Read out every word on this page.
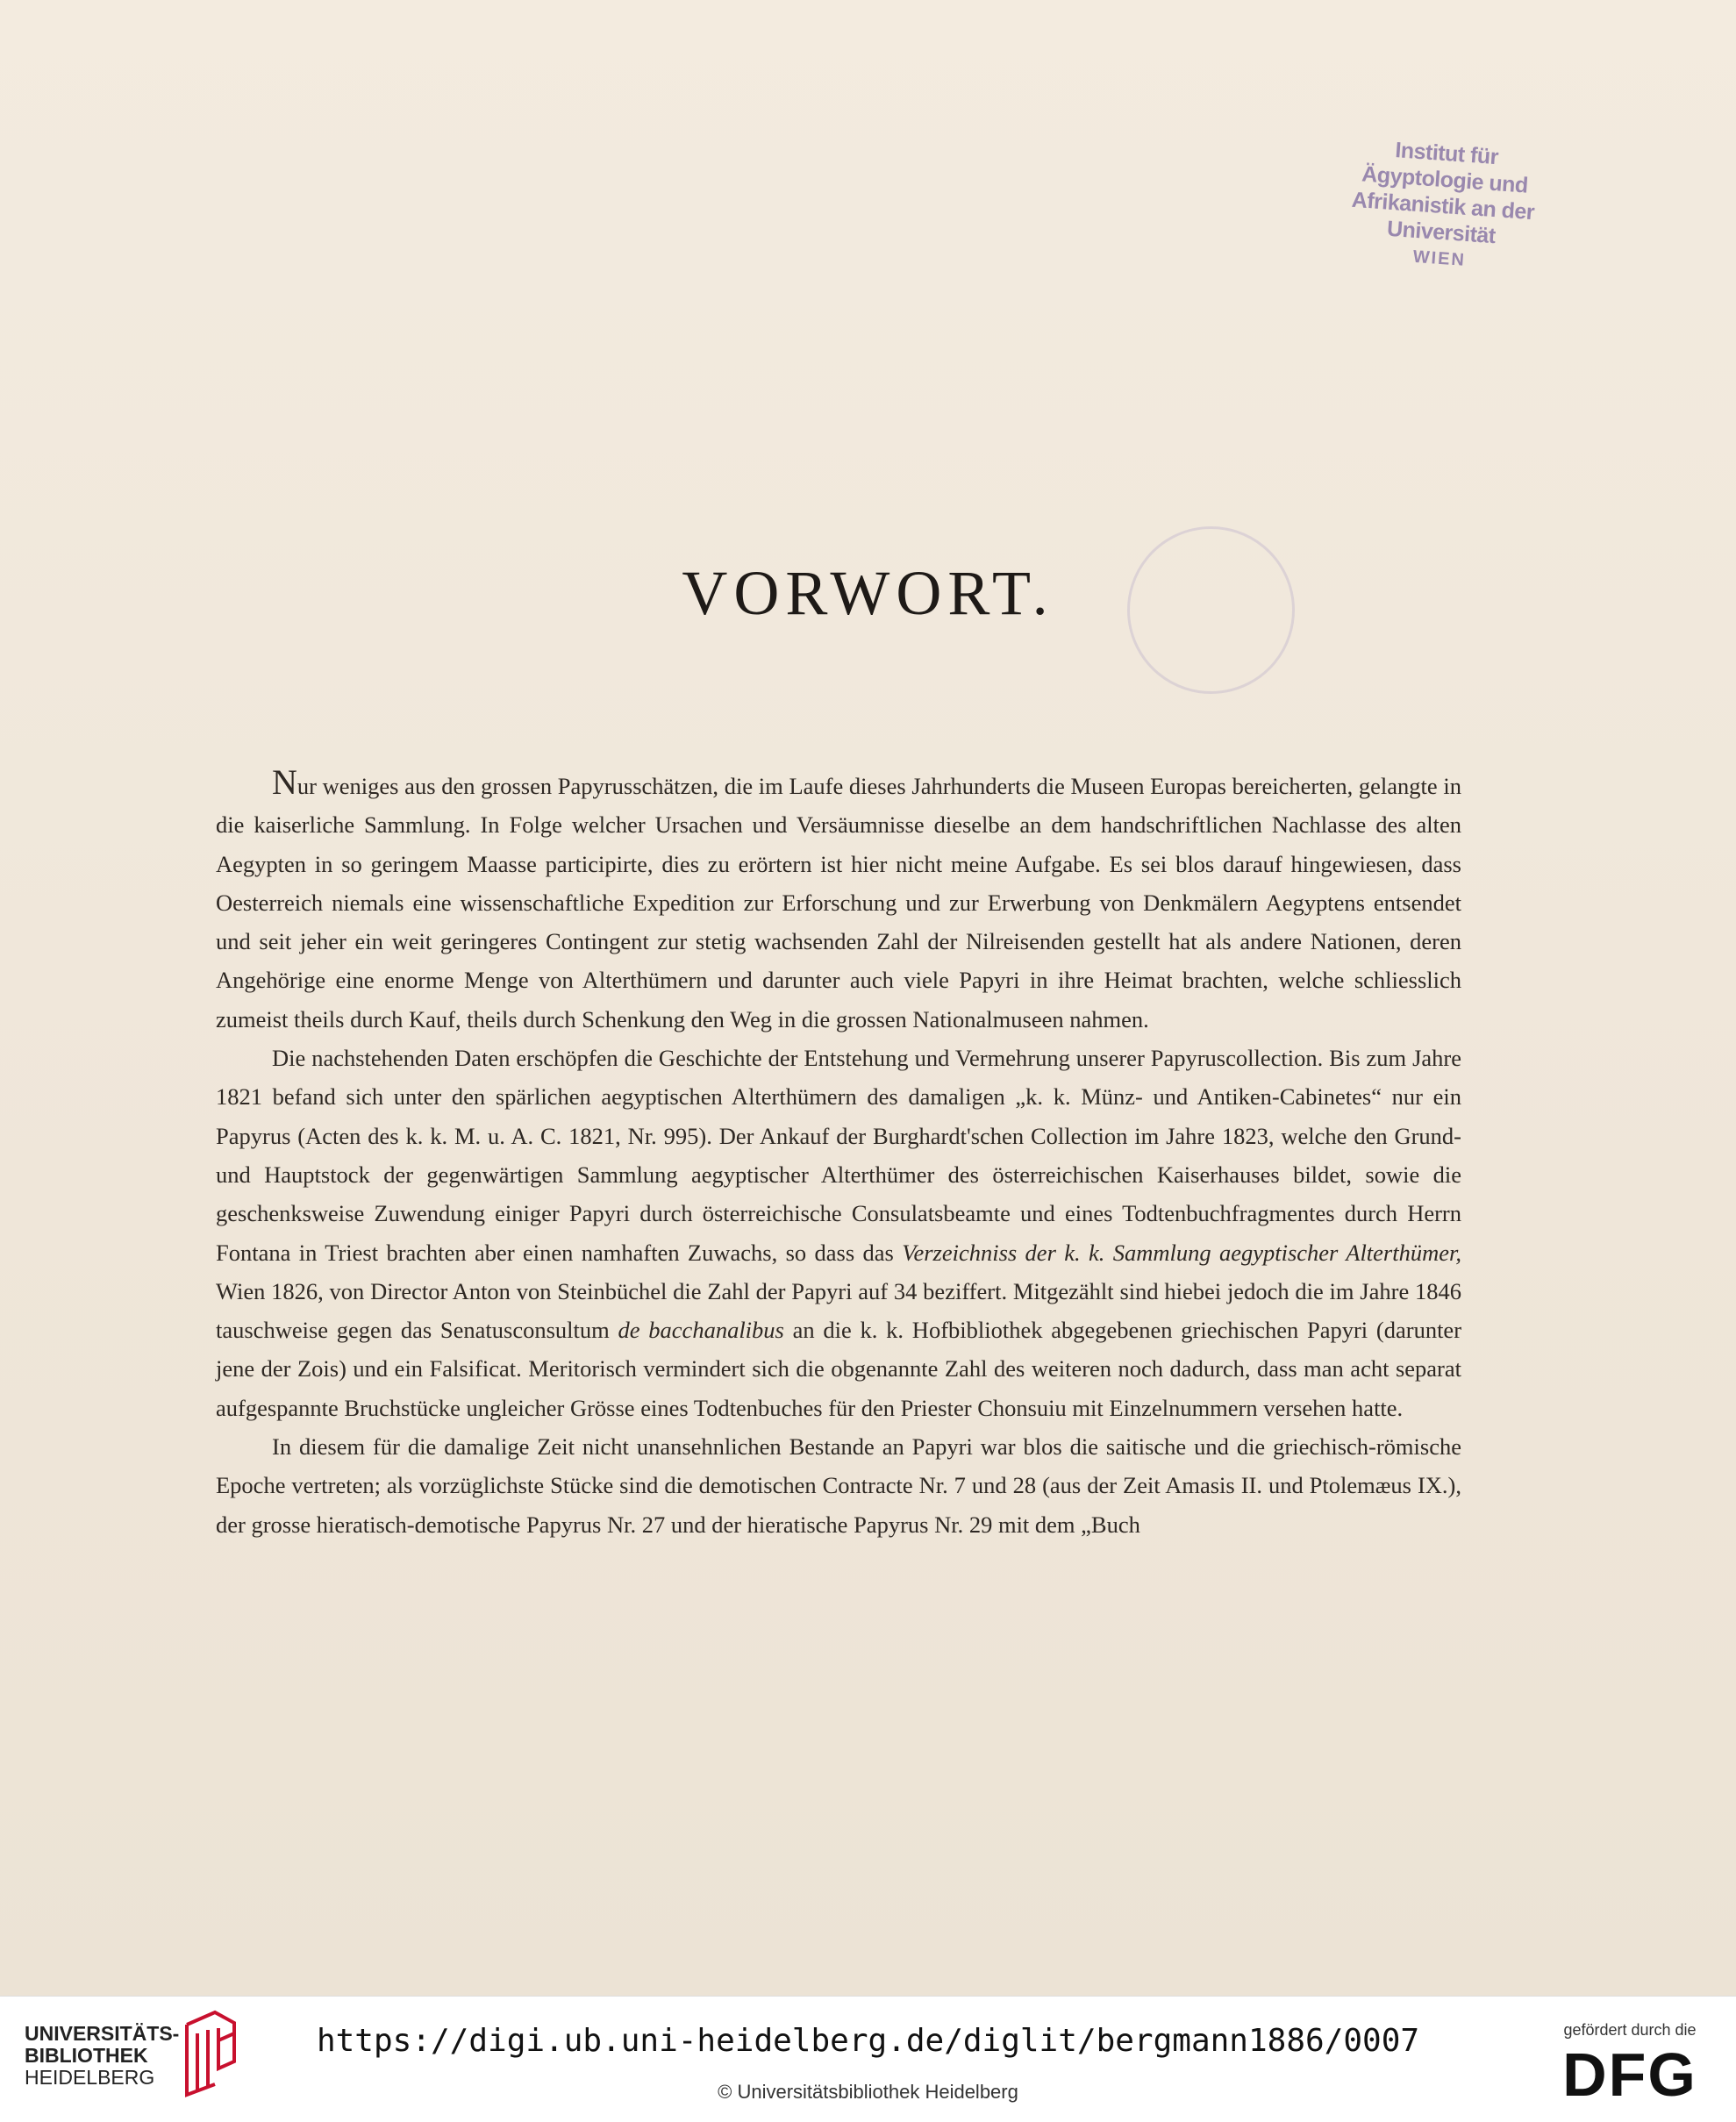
Institut für Ägyptologie und
Afrikanistik an der Universität
WIEN
VORWORT.

Nur weniges aus den grossen Papyrusschätzen, die im Laufe dieses Jahrhunderts die Museen Europas bereicherten, gelangte in die kaiserliche Sammlung. In Folge welcher Ursachen und Versäumnisse dieselbe an dem handschriftlichen Nachlasse des alten Aegypten in so geringem Maasse participirte, dies zu erörtern ist hier nicht meine Aufgabe. Es sei blos darauf hingewiesen, dass Oesterreich niemals eine wissenschaftliche Expedition zur Erforschung und zur Erwerbung von Denkmälern Aegyptens entsendet und seit jeher ein weit geringeres Contingent zur stetig wachsenden Zahl der Nilreisenden gestellt hat als andere Nationen, deren Angehörige eine enorme Menge von Alterthümern und darunter auch viele Papyri in ihre Heimat brachten, welche schliesslich zumeist theils durch Kauf, theils durch Schenkung den Weg in die grossen Nationalmuseen nahmen.

Die nachstehenden Daten erschöpfen die Geschichte der Entstehung und Vermehrung unserer Papyruscollection. Bis zum Jahre 1821 befand sich unter den spärlichen aegyptischen Alterthümern des damaligen „k. k. Münz- und Antiken-Cabinetes“ nur ein Papyrus (Acten des k. k. M. u. A. C. 1821, Nr. 995). Der Ankauf der Burghardt'schen Collection im Jahre 1823, welche den Grund- und Hauptstock der gegenwärtigen Sammlung aegyptischer Alterthümer des österreichischen Kaiserhauses bildet, sowie die geschenksweise Zuwendung einiger Papyri durch österreichische Consulatsbeamte und eines Todtenbuchfragmentes durch Herrn Fontana in Triest brachten aber einen namhaften Zuwachs, so dass das Verzeichniss der k. k. Sammlung aegyptischer Alterthümer, Wien 1826, von Director Anton von Steinbüchel die Zahl der Papyri auf 34 beziffert. Mitgezählt sind hiebei jedoch die im Jahre 1846 tauschweise gegen das Senatusconsultum de bacchanalibus an die k. k. Hofbibliothek abgegebenen griechischen Papyri (darunter jene der Zois) und ein Falsificat. Meritorisch vermindert sich die obgenannte Zahl des weiteren noch dadurch, dass man acht separat aufgespannte Bruchstücke ungleicher Grösse eines Todtenbuches für den Priester Chonsuiu mit Einzelnummern versehen hatte.

In diesem für die damalige Zeit nicht unansehnlichen Bestande an Papyri war blos die saitische und die griechisch-römische Epoche vertreten; als vorzüglichste Stücke sind die demotischen Contracte Nr. 7 und 28 (aus der Zeit Amasis II. und Ptolemæus IX.), der grosse hieratisch-demotische Papyrus Nr. 27 und der hieratische Papyrus Nr. 29 mit dem „Buch

UNIVERSITÄTS-
BIBLIOTHEK
HEIDELBERG
https://digi.ub.uni-heidelberg.de/diglit/bergmann1886/0007
© Universitätsbibliothek Heidelberg
gefördert durch die
DFG
